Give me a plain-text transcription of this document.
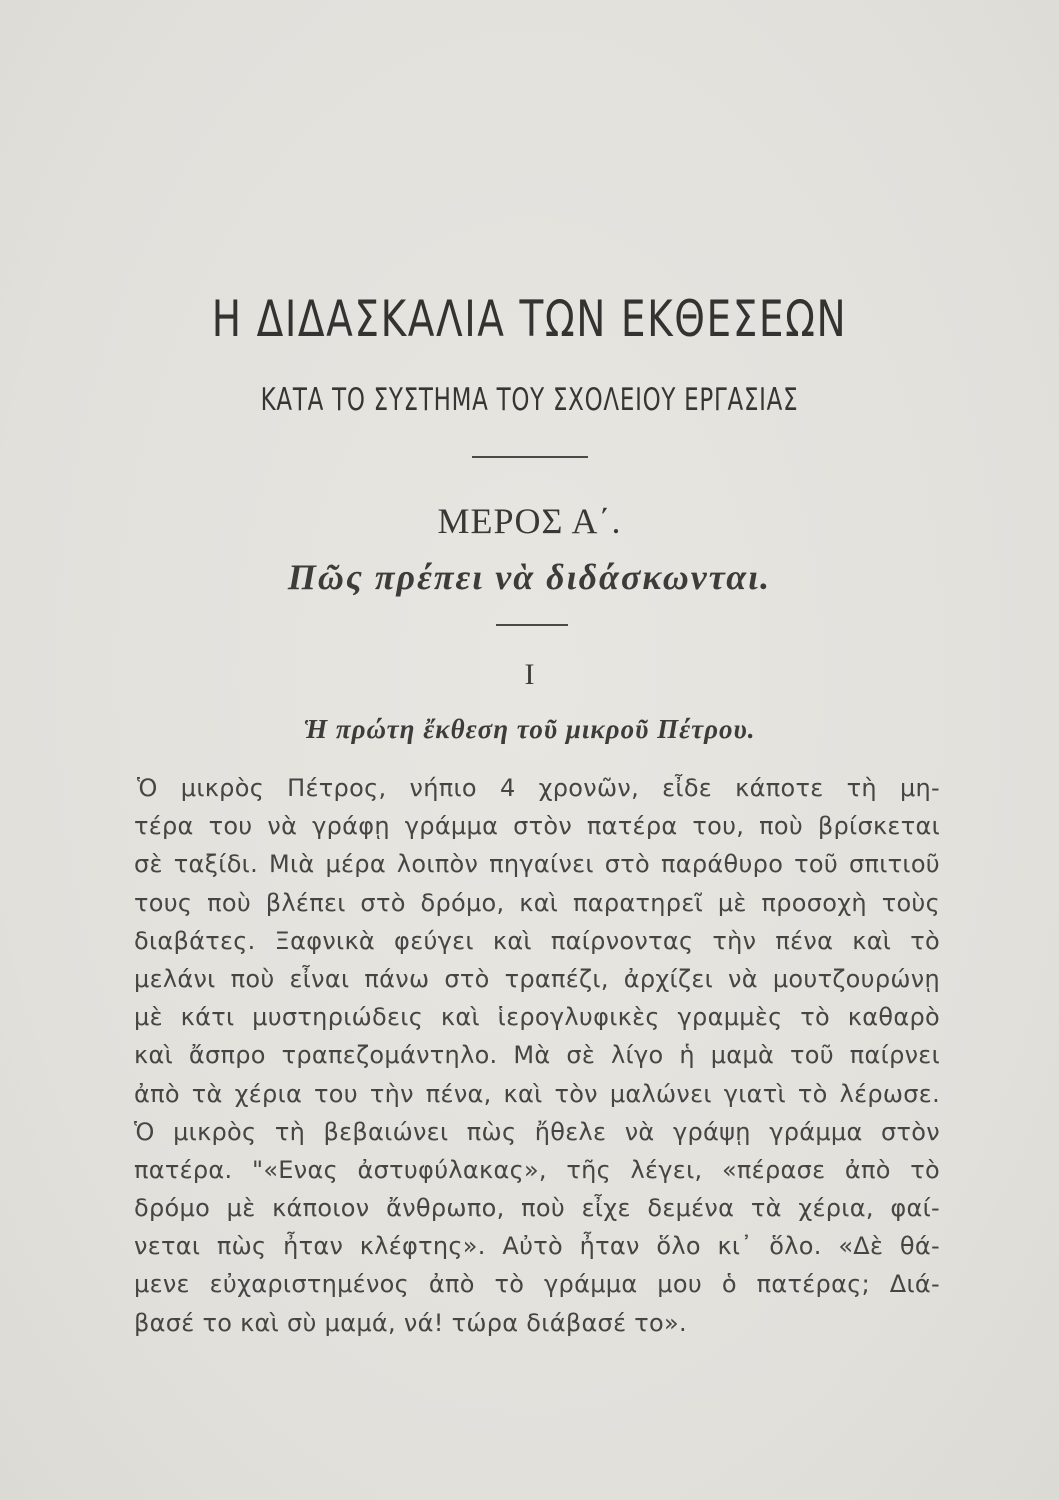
Η ΔΙΔΑΣΚΑΛΙΑ ΤΩΝ ΕΚΘΕΣΕΩΝ
ΚΑΤΑ ΤΟ ΣΥΣΤΗΜΑ ΤΟΥ ΣΧΟΛΕΙΟΥ ΕΡΓΑΣΙΑΣ
ΜΕΡΟΣ Α΄.
Πῶς πρέπει νὰ διδάσκωνται.
I
Ἡ πρώτη ἔκθεση τοῦ μικροῦ Πέτρου.
Ὁ μικρὸς Πέτρος, νήπιο 4 χρονῶν, εἶδε κάποτε τὴ μη-
τέρα του νὰ γράφῃ γράμμα στὸν πατέρα του, ποὺ βρίσκεται
σὲ ταξίδι. Μιὰ μέρα λοιπὸν πηγαίνει στὸ παράθυρο τοῦ σπιτιοῦ
τους ποὺ βλέπει στὸ δρόμο, καὶ παρατηρεῖ μὲ προσοχὴ τοὺς
διαβάτες. Ξαφνικὰ φεύγει καὶ παίρνοντας τὴν πένα καὶ τὸ
μελάνι ποὺ εἶναι πάνω στὸ τραπέζι, ἀρχίζει νὰ μουτζουρώνῃ
μὲ κάτι μυστηριώδεις καὶ ἱερογλυφικὲς γραμμὲς τὸ καθαρὸ
καὶ ἄσπρο τραπεζομάντηλο. Μὰ σὲ λίγο ἡ μαμὰ τοῦ παίρνει
ἀπὸ τὰ χέρια του τὴν πένα, καὶ τὸν μαλώνει γιατὶ τὸ λέρωσε.
Ὁ μικρὸς τὴ βεβαιώνει πὼς ἤθελε νὰ γράψῃ γράμμα στὸν
πατέρα. "«Ενας ἀστυφύλακας», τῆς λέγει, «πέρασε ἀπὸ τὸ
δρόμο μὲ κάποιον ἄνθρωπο, ποὺ εἶχε δεμένα τὰ χέρια, φαί-
νεται πὼς ἦταν κλέφτης». Αὐτὸ ἦταν ὅλο κι᾽ ὅλο. «Δὲ θά-
μενε εὐχαριστημένος ἀπὸ τὸ γράμμα μου ὁ πατέρας; Διά-
βασέ το καὶ σὺ μαμά, νά! τώρα διάβασέ το».
